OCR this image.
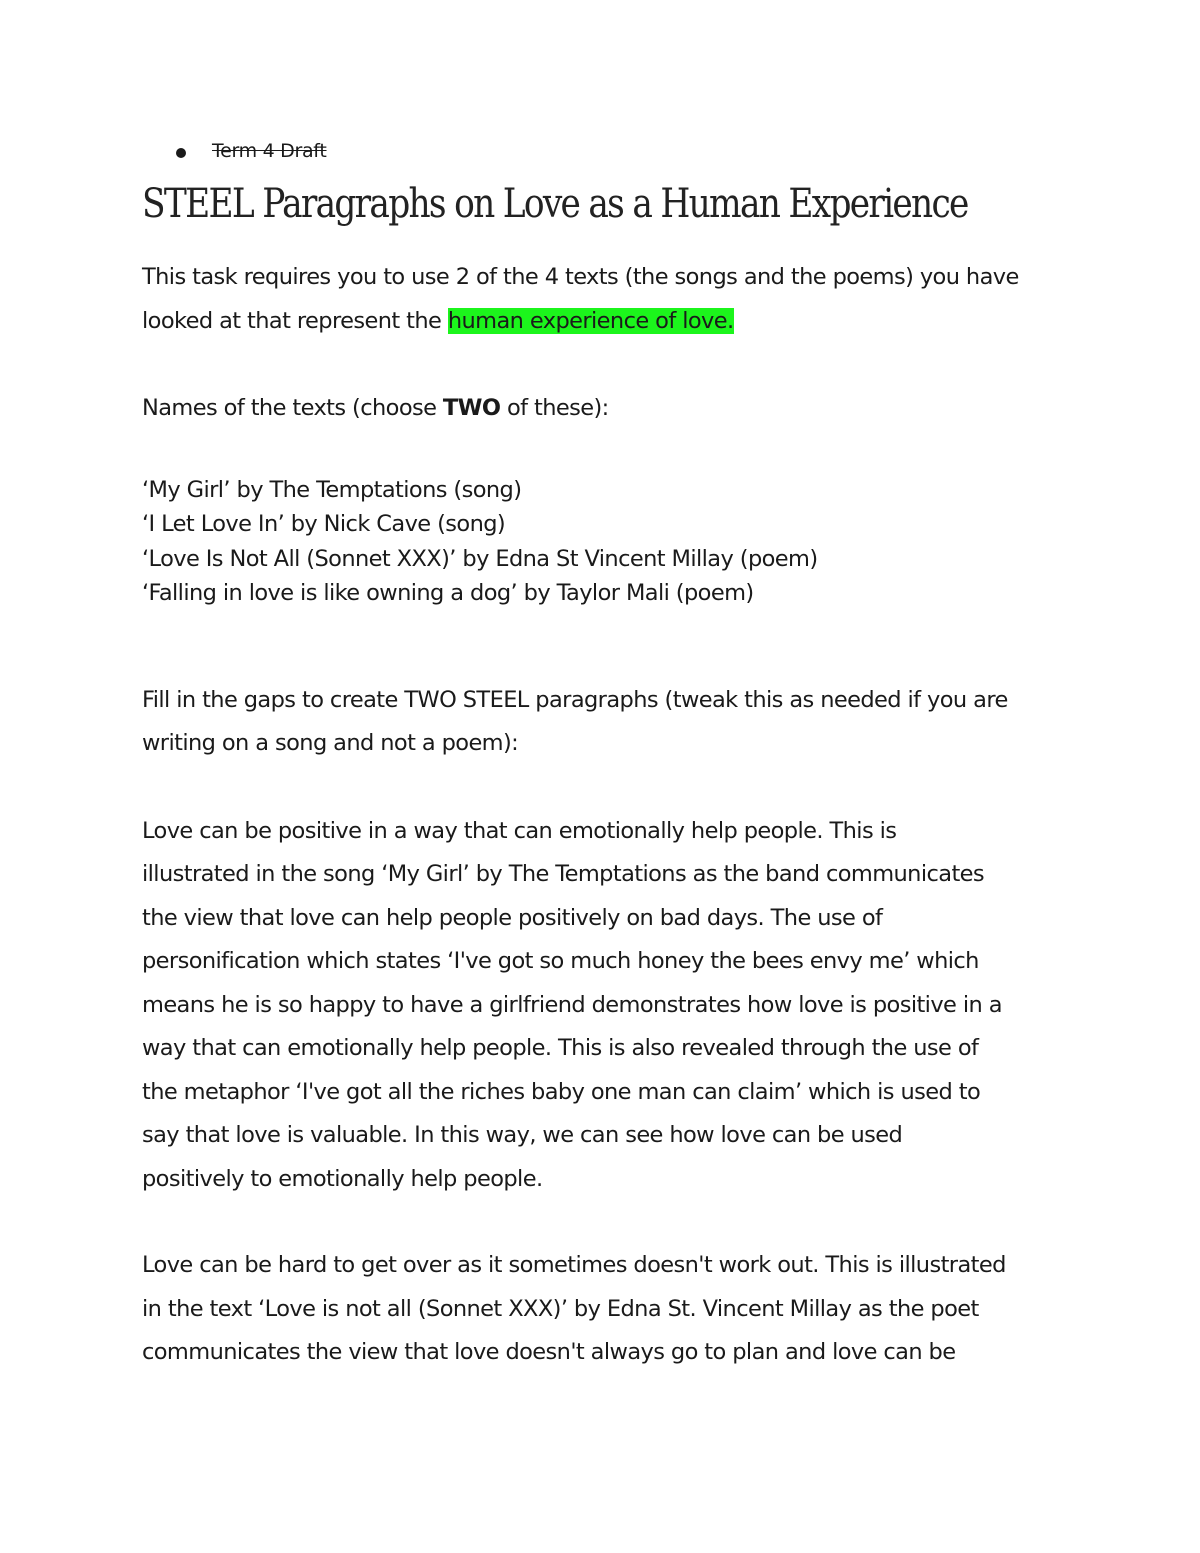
Term 4 Draft
STEEL Paragraphs on Love as a Human Experience
This task requires you to use 2 of the 4 texts (the songs and the poems) you have
looked at that represent the human experience of love.
Names of the texts (choose TWO of these):
‘My Girl’ by The Temptations (song)
‘I Let Love In’ by Nick Cave (song)
‘Love Is Not All (Sonnet XXX)’ by Edna St Vincent Millay (poem)
‘Falling in love is like owning a dog’ by Taylor Mali (poem)
Fill in the gaps to create TWO STEEL paragraphs (tweak this as needed if you are
writing on a song and not a poem):
Love can be positive in a way that can emotionally help people. This is
illustrated in the song ‘My Girl’ by The Temptations as the band communicates
the view that love can help people positively on bad days. The use of
personification which states ‘I've got so much honey the bees envy me’ which
means he is so happy to have a girlfriend demonstrates how love is positive in a
way that can emotionally help people. This is also revealed through the use of
the metaphor ‘I've got all the riches baby one man can claim’ which is used to
say that love is valuable. In this way, we can see how love can be used
positively to emotionally help people.
Love can be hard to get over as it sometimes doesn't work out. This is illustrated
in the text ‘Love is not all (Sonnet XXX)’ by Edna St. Vincent Millay as the poet
communicates the view that love doesn't always go to plan and love can be
